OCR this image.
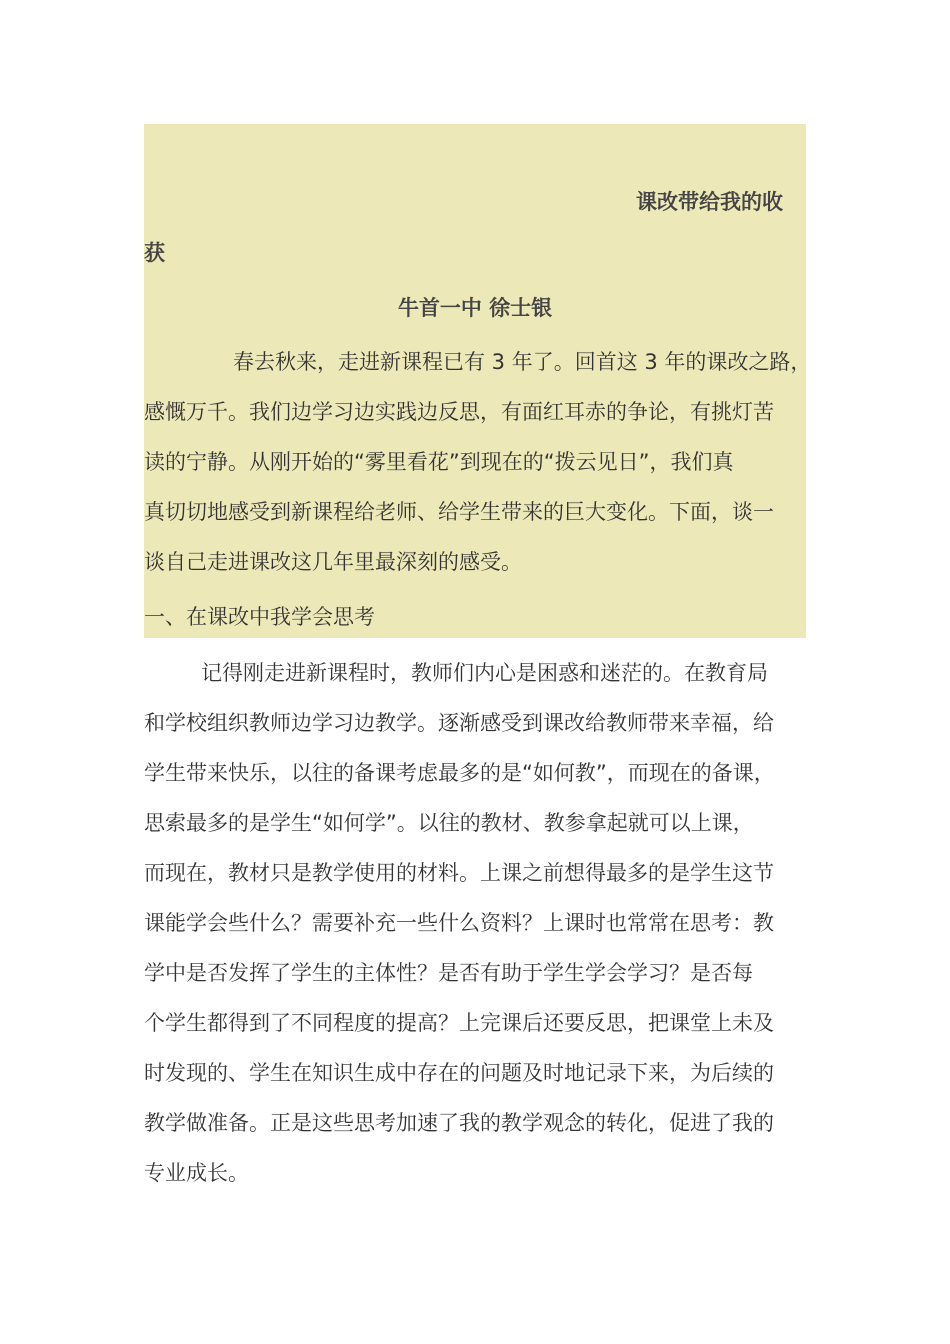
课改带给我的收
获
牛首一中 徐士银
春去秋来，走进新课程已有 3 年了。回首这 3 年的课改之路，
感慨万千。我们边学习边实践边反思，有面红耳赤的争论，有挑灯苦
读的宁静。从刚开始的“雾里看花”到现在的“拨云见日”，我们真
真切切地感受到新课程给老师、给学生带来的巨大变化。下面，谈一
谈自己走进课改这几年里最深刻的感受。
一、在课改中我学会思考
记得刚走进新课程时，教师们内心是困惑和迷茫的。在教育局
和学校组织教师边学习边教学。逐渐感受到课改给教师带来幸福，给
学生带来快乐，以往的备课考虑最多的是“如何教”，而现在的备课，
思索最多的是学生“如何学”。以往的教材、教参拿起就可以上课，
而现在，教材只是教学使用的材料。上课之前想得最多的是学生这节
课能学会些什么？需要补充一些什么资料？上课时也常常在思考：教
学中是否发挥了学生的主体性？是否有助于学生学会学习？是否每
个学生都得到了不同程度的提高？上完课后还要反思，把课堂上未及
时发现的、学生在知识生成中存在的问题及时地记录下来，为后续的
教学做准备。正是这些思考加速了我的教学观念的转化，促进了我的
专业成长。
